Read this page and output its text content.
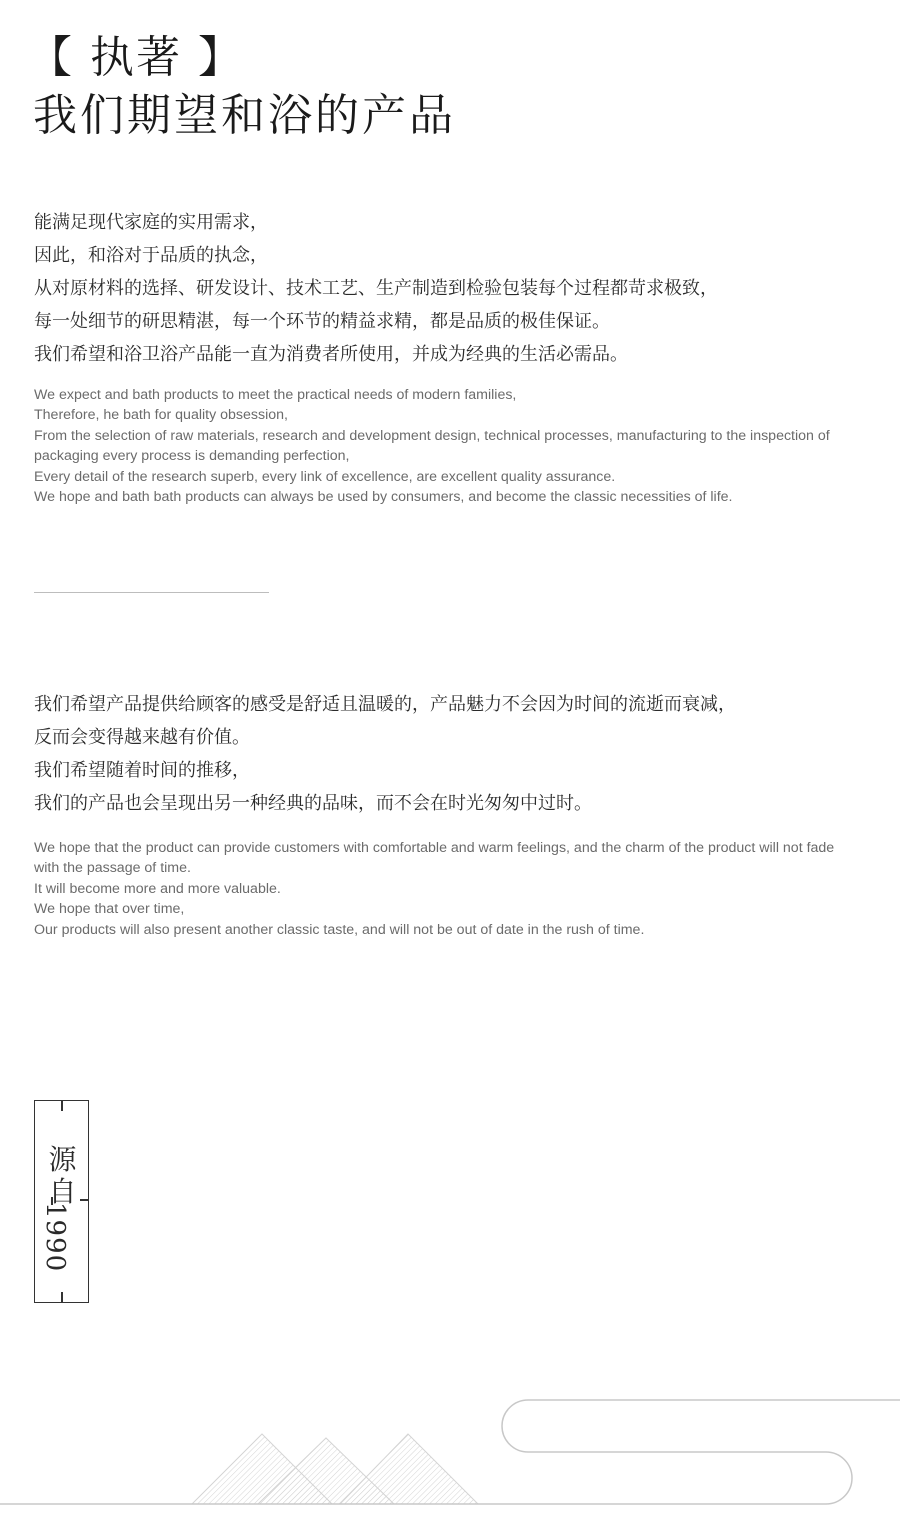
【 执著 】
我们期望和浴的产品
能满足现代家庭的实用需求，
因此，和浴对于品质的执念，
从对原材料的选择、研发设计、技术工艺、生产制造到检验包装每个过程都苛求极致，
每一处细节的研思精湛，每一个环节的精益求精，都是品质的极佳保证。
我们希望和浴卫浴产品能一直为消费者所使用，并成为经典的生活必需品。
We expect and bath products to meet the practical needs of modern families,
Therefore, he bath for quality obsession,
From the selection of raw materials, research and development design, technical processes, manufacturing to the inspection of packaging every process is demanding perfection,
Every detail of the research superb, every link of excellence, are excellent quality assurance.
We hope and bath bath products can always be used by consumers, and become the classic necessities of life.
我们希望产品提供给顾客的感受是舒适且温暖的，产品魅力不会因为时间的流逝而衰减，
反而会变得越来越有价值。
我们希望随着时间的推移，
我们的产品也会呈现出另一种经典的品味，而不会在时光匆匆中过时。
We hope that the product can provide customers with comfortable and warm feelings, and the charm of the product will not fade with the passage of time.
It will become more and more valuable.
We hope that over time,
Our products will also present another classic taste, and will not be out of date in the rush of time.
源
自
1990
